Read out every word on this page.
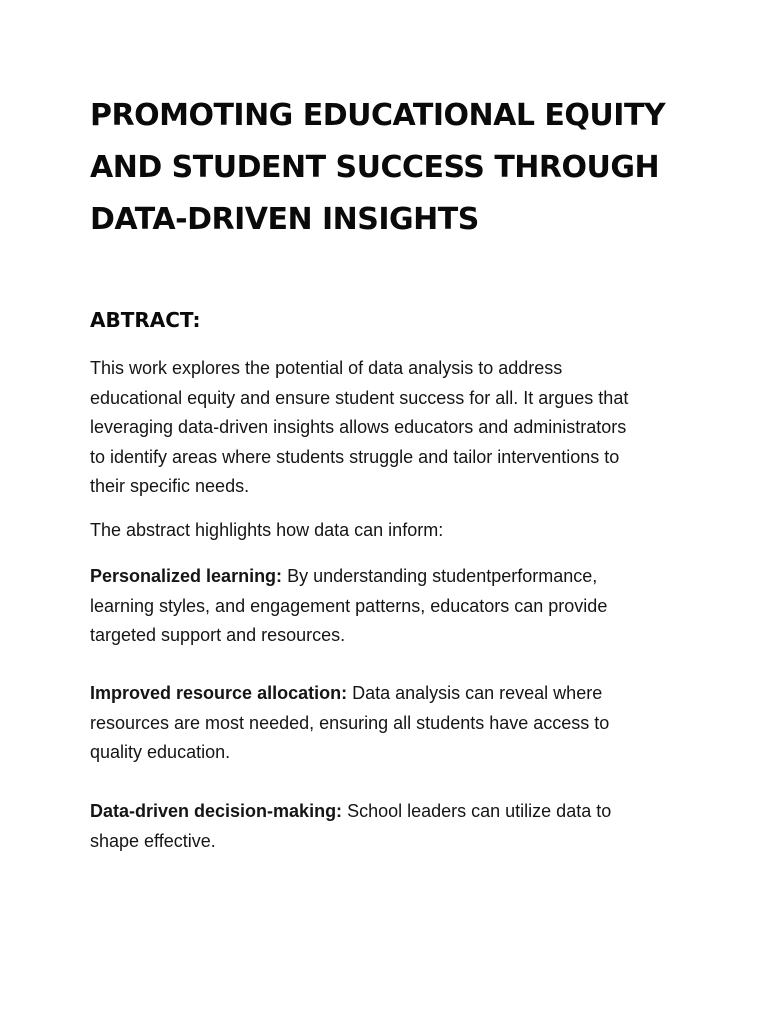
PROMOTING EDUCATIONAL EQUITY
AND STUDENT SUCCESS THROUGH
DATA-DRIVEN INSIGHTS
ABTRACT:

This work explores the potential of data analysis to address
educational equity and ensure student success for all. It argues that
leveraging data-driven insights allows educators and administrators
to identify areas where students struggle and tailor interventions to
their specific needs.

The abstract highlights how data can inform:

Personalized learning: By understanding studentperformance,
learning styles, and engagement patterns, educators can provide
targeted support and resources.

Improved resource allocation: Data analysis can reveal where
resources are most needed, ensuring all students have access to
quality education.

Data-driven decision-making: School leaders can utilize data to
shape effective.
